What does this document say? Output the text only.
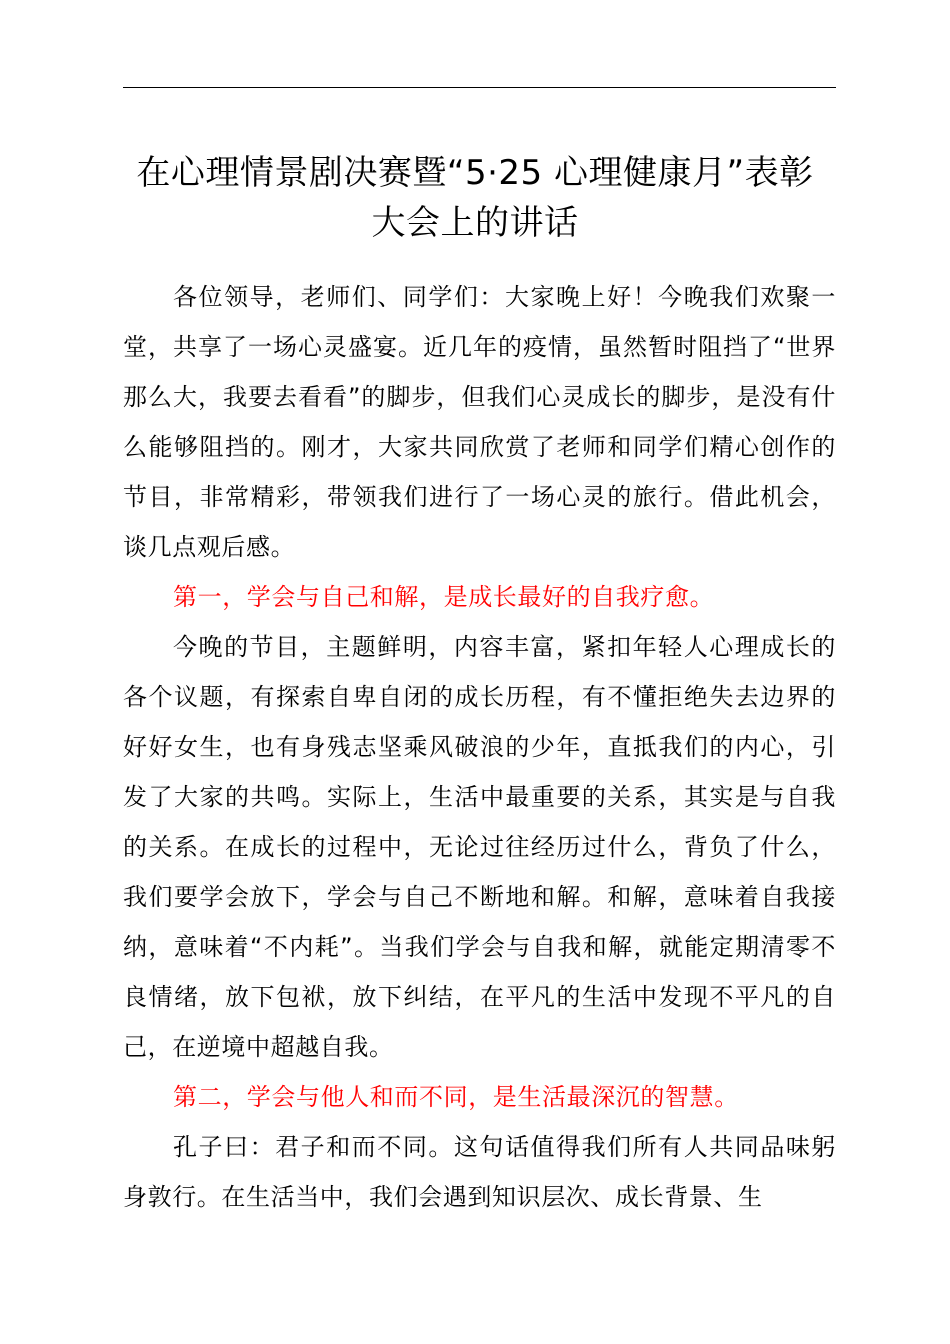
在心理情景剧决赛暨“5·25 心理健康月”表彰
大会上的讲话

各位领导，老师们、同学们：大家晚上好！今晚我们欢聚一堂，共享了一场心灵盛宴。近几年的疫情，虽然暂时阻挡了“世界那么大，我要去看看”的脚步，但我们心灵成长的脚步，是没有什么能够阻挡的。刚才，大家共同欣赏了老师和同学们精心创作的节目，非常精彩，带领我们进行了一场心灵的旅行。借此机会，谈几点观后感。

第一，学会与自己和解，是成长最好的自我疗愈。

今晚的节目，主题鲜明，内容丰富，紧扣年轻人心理成长的各个议题，有探索自卑自闭的成长历程，有不懂拒绝失去边界的好好女生，也有身残志坚乘风破浪的少年，直抵我们的内心，引发了大家的共鸣。实际上，生活中最重要的关系，其实是与自我的关系。在成长的过程中，无论过往经历过什么，背负了什么，我们要学会放下，学会与自己不断地和解。和解，意味着自我接纳，意味着“不内耗”。当我们学会与自我和解，就能定期清零不良情绪，放下包袱，放下纠结，在平凡的生活中发现不平凡的自己，在逆境中超越自我。

第二，学会与他人和而不同，是生活最深沉的智慧。

孔子曰：君子和而不同。这句话值得我们所有人共同品味躬身敦行。在生活当中，我们会遇到知识层次、成长背景、生
